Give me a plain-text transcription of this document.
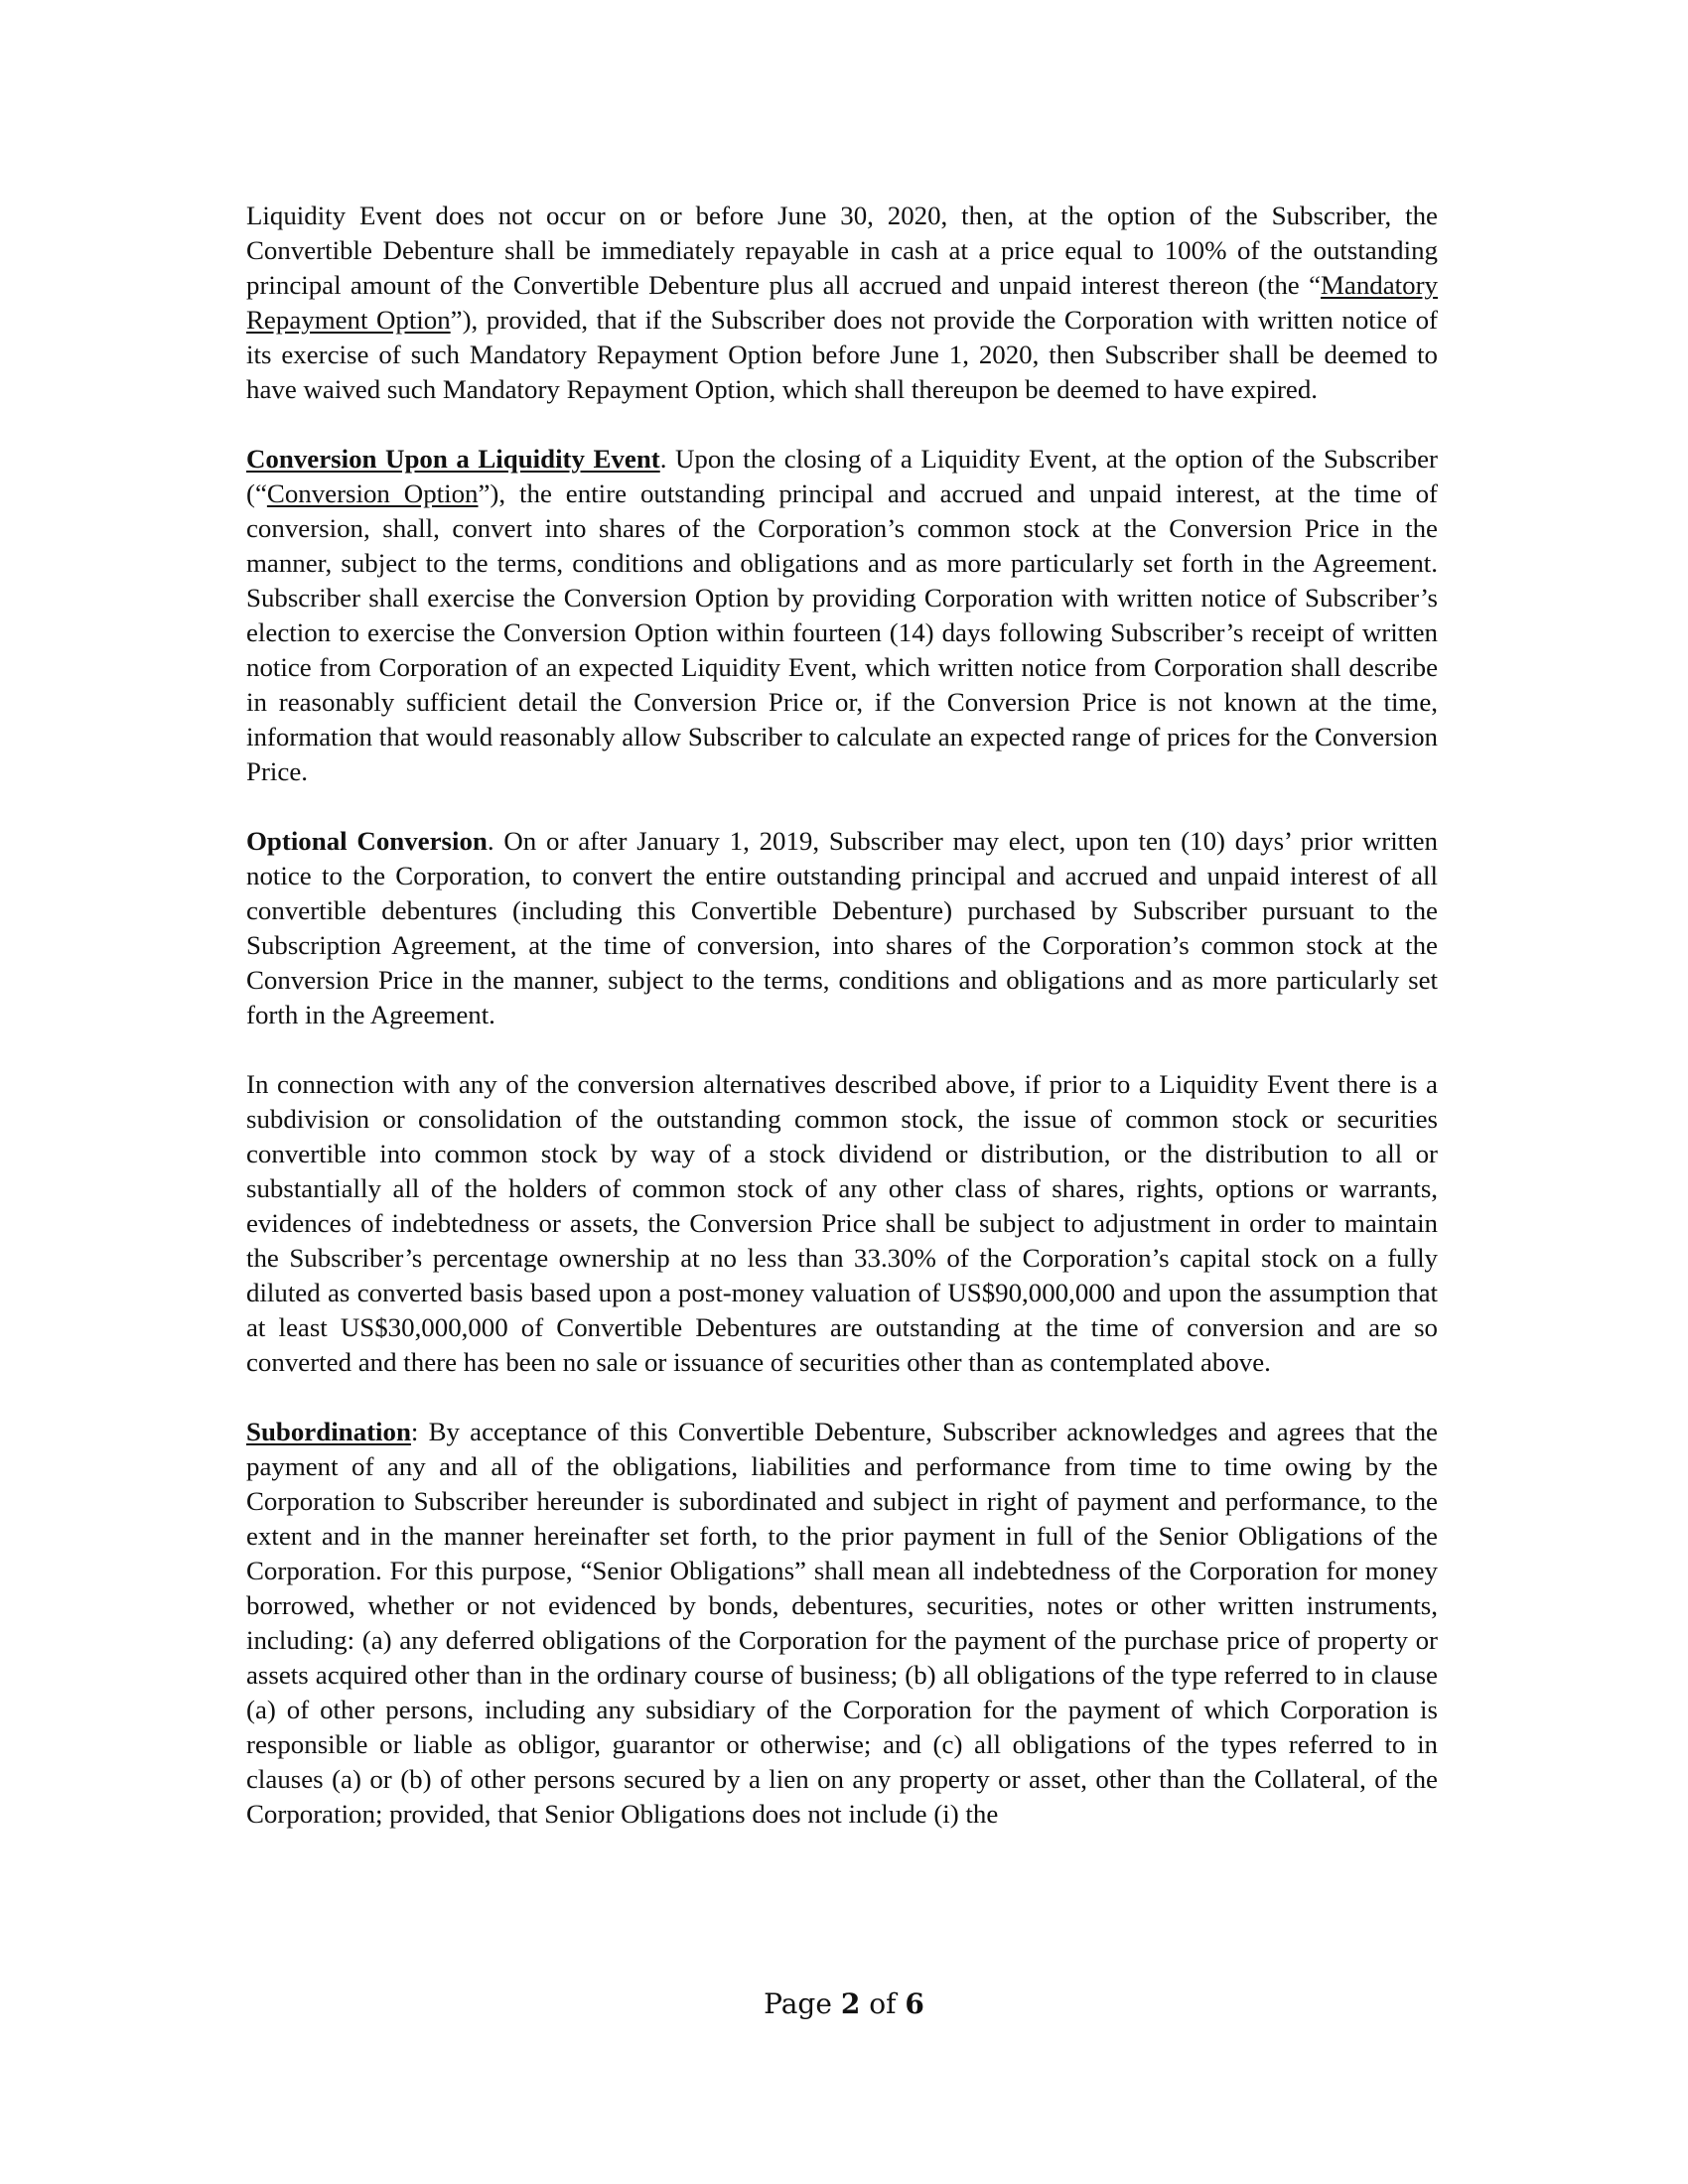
Liquidity Event does not occur on or before June 30, 2020, then, at the option of the Subscriber, the Convertible Debenture shall be immediately repayable in cash at a price equal to 100% of the outstanding principal amount of the Convertible Debenture plus all accrued and unpaid interest thereon (the “Mandatory Repayment Option”), provided, that if the Subscriber does not provide the Corporation with written notice of its exercise of such Mandatory Repayment Option before June 1, 2020, then Subscriber shall be deemed to have waived such Mandatory Repayment Option, which shall thereupon be deemed to have expired.

Conversion Upon a Liquidity Event. Upon the closing of a Liquidity Event, at the option of the Subscriber (“Conversion Option”), the entire outstanding principal and accrued and unpaid interest, at the time of conversion, shall, convert into shares of the Corporation’s common stock at the Conversion Price in the manner, subject to the terms, conditions and obligations and as more particularly set forth in the Agreement. Subscriber shall exercise the Conversion Option by providing Corporation with written notice of Subscriber’s election to exercise the Conversion Option within fourteen (14) days following Subscriber’s receipt of written notice from Corporation of an expected Liquidity Event, which written notice from Corporation shall describe in reasonably sufficient detail the Conversion Price or, if the Conversion Price is not known at the time, information that would reasonably allow Subscriber to calculate an expected range of prices for the Conversion Price.

Optional Conversion. On or after January 1, 2019, Subscriber may elect, upon ten (10) days’ prior written notice to the Corporation, to convert the entire outstanding principal and accrued and unpaid interest of all convertible debentures (including this Convertible Debenture) purchased by Subscriber pursuant to the Subscription Agreement, at the time of conversion, into shares of the Corporation’s common stock at the Conversion Price in the manner, subject to the terms, conditions and obligations and as more particularly set forth in the Agreement.

In connection with any of the conversion alternatives described above, if prior to a Liquidity Event there is a subdivision or consolidation of the outstanding common stock, the issue of common stock or securities convertible into common stock by way of a stock dividend or distribution, or the distribution to all or substantially all of the holders of common stock of any other class of shares, rights, options or warrants, evidences of indebtedness or assets, the Conversion Price shall be subject to adjustment in order to maintain the Subscriber’s percentage ownership at no less than 33.30% of the Corporation’s capital stock on a fully diluted as converted basis based upon a post-money valuation of US$90,000,000 and upon the assumption that at least US$30,000,000 of Convertible Debentures are outstanding at the time of conversion and are so converted and there has been no sale or issuance of securities other than as contemplated above.

Subordination: By acceptance of this Convertible Debenture, Subscriber acknowledges and agrees that the payment of any and all of the obligations, liabilities and performance from time to time owing by the Corporation to Subscriber hereunder is subordinated and subject in right of payment and performance, to the extent and in the manner hereinafter set forth, to the prior payment in full of the Senior Obligations of the Corporation. For this purpose, “Senior Obligations” shall mean all indebtedness of the Corporation for money borrowed, whether or not evidenced by bonds, debentures, securities, notes or other written instruments, including: (a) any deferred obligations of the Corporation for the payment of the purchase price of property or assets acquired other than in the ordinary course of business; (b) all obligations of the type referred to in clause (a) of other persons, including any subsidiary of the Corporation for the payment of which Corporation is responsible or liable as obligor, guarantor or otherwise; and (c) all obligations of the types referred to in clauses (a) or (b) of other persons secured by a lien on any property or asset, other than the Collateral, of the Corporation; provided, that Senior Obligations does not include (i) the

Page 2 of 6
